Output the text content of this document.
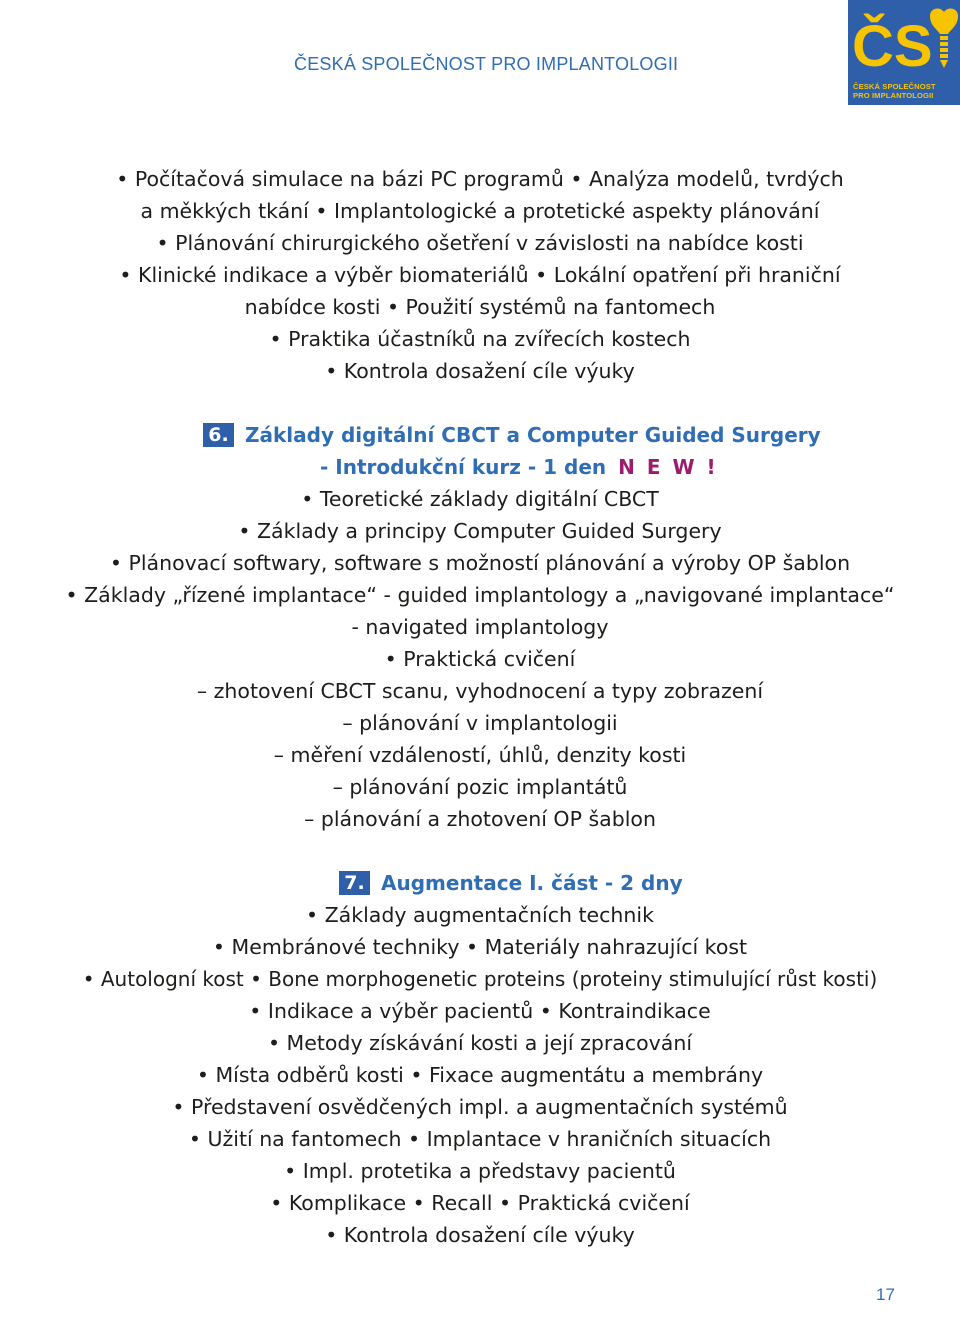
ČESKÁ SPOLEČNOST PRO IMPLANTOLOGII	ČS
ČESKÁ SPOLEČNOST
PRO IMPLANTOLOGII
• Počítačová simulace na bázi PC programů • Analýza modelů, tvrdých
a měkkých tkání • Implantologické a protetické aspekty plánování
• Plánování chirurgického ošetření v závislosti na nabídce kosti
• Klinické indikace a výběr biomateriálů • Lokální opatření při hraniční
nabídce kosti • Použití systémů na fantomech
• Praktika účastníků na zvířecích kostech
• Kontrola dosažení cíle výuky
6. Základy digitální CBCT a Computer Guided Surgery
- Introdukční kurz - 1 den N E W !
• Teoretické základy digitální CBCT
• Základy a principy Computer Guided Surgery
• Plánovací softwary, software s možností plánování a výroby OP šablon
• Základy „řízené implantace“ - guided implantology a „navigované implantace“
- navigated implantology
• Praktická cvičení
– zhotovení CBCT scanu, vyhodnocení a typy zobrazení
– plánování v implantologii
– měření vzdáleností, úhlů, denzity kosti
– plánování pozic implantátů
– plánování a zhotovení OP šablon
7. Augmentace I. část - 2 dny
• Základy augmentačních technik
• Membránové techniky • Materiály nahrazující kost
• Autologní kost • Bone morphogenetic proteins (proteiny stimulující růst kosti)
• Indikace a výběr pacientů • Kontraindikace
• Metody získávání kosti a její zpracování
• Místa odběrů kosti • Fixace augmentátu a membrány
• Představení osvědčených impl. a augmentačních systémů
• Užití na fantomech • Implantace v hraničních situacích
• Impl. protetika a představy pacientů
• Komplikace • Recall • Praktická cvičení
• Kontrola dosažení cíle výuky
17
